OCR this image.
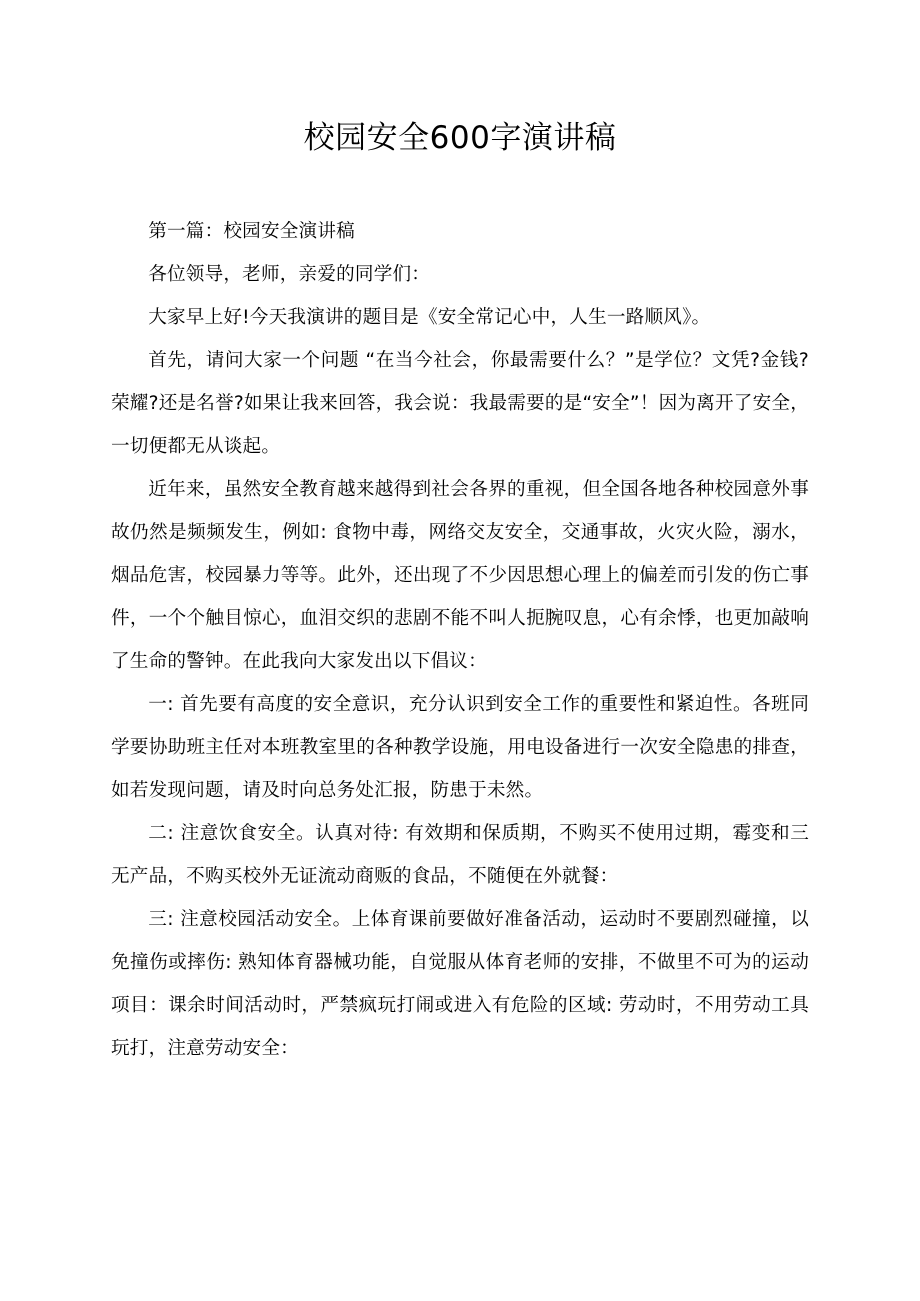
校园安全600字演讲稿

第一篇：校园安全演讲稿

各位领导，老师，亲爱的同学们：

大家早上好!今天我演讲的题目是《安全常记心中，人生一路顺风》。

首先，请问大家一个问题 “在当今社会，你最需要什么？”是学位？文凭?金钱?荣耀?还是名誉?如果让我来回答，我会说：我最需要的是“安全”！因为离开了安全，一切便都无从谈起。

近年来，虽然安全教育越来越得到社会各界的重视，但全国各地各种校园意外事故仍然是频频发生，例如: 食物中毒，网络交友安全，交通事故，火灾火险，溺水，烟品危害，校园暴力等等。此外，还出现了不少因思想心理上的偏差而引发的伤亡事件，一个个触目惊心，血泪交织的悲剧不能不叫人扼腕叹息，心有余悸，也更加敲响了生命的警钟。在此我向大家发出以下倡议：

一: 首先要有高度的安全意识，充分认识到安全工作的重要性和紧迫性。各班同学要协助班主任对本班教室里的各种教学设施，用电设备进行一次安全隐患的排查，如若发现问题，请及时向总务处汇报，防患于未然。

二: 注意饮食安全。认真对待: 有效期和保质期，不购买不使用过期，霉变和三无产品，不购买校外无证流动商贩的食品，不随便在外就餐：

三: 注意校园活动安全。上体育课前要做好准备活动，运动时不要剧烈碰撞，以免撞伤或摔伤: 熟知体育器械功能，自觉服从体育老师的安排，不做里不可为的运动项目：课余时间活动时，严禁疯玩打闹或进入有危险的区域: 劳动时，不用劳动工具玩打，注意劳动安全：
